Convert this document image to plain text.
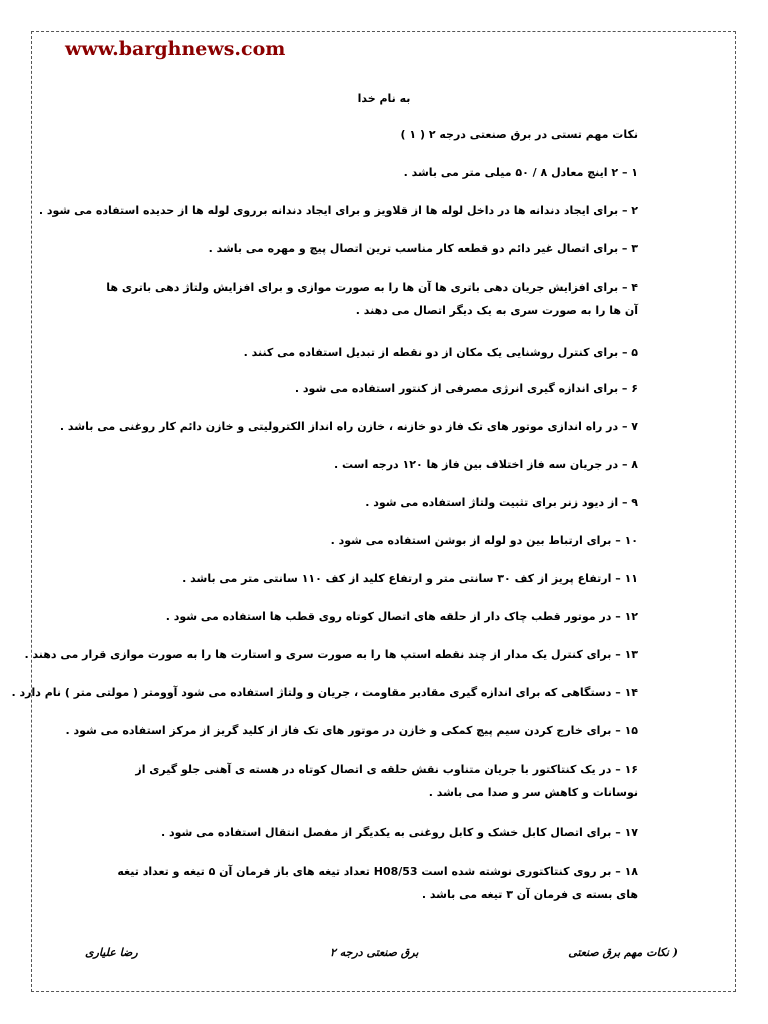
www.barghnews.com
به نام خدا
نکات مهم تستی در برق صنعتی درجه ۲ ( ۱ )
۱ – ۲ اینچ معادل ۸ / ۵۰ میلی متر می باشد .
۲ – برای ایجاد دندانه ها در داخل لوله ها از قلاویز و برای ایجاد دندانه برروی لوله ها از حدیده استفاده می شود .
۳ – برای اتصال غیر دائم دو قطعه کار مناسب ترین اتصال پیچ و مهره می باشد .
۴ – برای افزایش جریان دهی باتری ها آن ها را به صورت موازی و برای افزایش ولتاژ دهی باتری ها آن ها را به صورت سری به یک دیگر اتصال می دهند .
۵ – برای کنترل روشنایی یک مکان از دو نقطه از تبدیل استفاده می کنند .
۶ – برای اندازه گیری انرژی مصرفی از کنتور استفاده می شود .
۷ – در راه اندازی موتور های تک فاز دو خازنه ، خازن راه انداز الکترولیتی و خازن دائم کار روغنی می باشد .
۸ – در جریان سه فاز اختلاف بین فاز ها ۱۲۰ درجه است .
۹ – از دیود زنر برای تثبیت ولتاژ استفاده می شود .
۱۰ – برای ارتباط بین دو لوله از بوشن استفاده می شود .
۱۱ – ارتفاع پریز از کف ۳۰ سانتی متر و ارتفاع کلید از کف ۱۱۰ سانتی متر می باشد .
۱۲ – در موتور قطب چاک دار از حلقه های اتصال کوتاه روی قطب ها استفاده می شود .
۱۳ – برای کنترل یک مدار از چند نقطه استپ ها را به صورت سری و استارت ها را به صورت موازی قرار می دهند .
۱۴ – دستگاهی که برای اندازه گیری مقادیر مقاومت ، جریان و ولتاژ استفاده می شود آوومتر ( مولتی متر ) نام دارد .
۱۵ – برای خارج کردن سیم پیچ کمکی و خازن در موتور های تک فاز از کلید گریز از مرکز استفاده می شود .
۱۶ – در یک کنتاکتور با جریان متناوب نقش حلقه ی اتصال کوتاه در هسته ی آهنی جلو گیری از نوسانات و کاهش سر و صدا می باشد .
۱۷ – برای اتصال کابل خشک و کابل روغنی به یکدیگر از مفصل انتقال استفاده می شود .
۱۸ – بر روی کنتاکتوری نوشته شده است H08/53 تعداد تیغه های باز فرمان آن ۵ تیغه و تعداد تیغه های بسته ی فرمان آن ۳ تیغه می باشد .
( نکات مهم برق صنعتی
برق صنعتی درجه ۲
رضا علیاری
